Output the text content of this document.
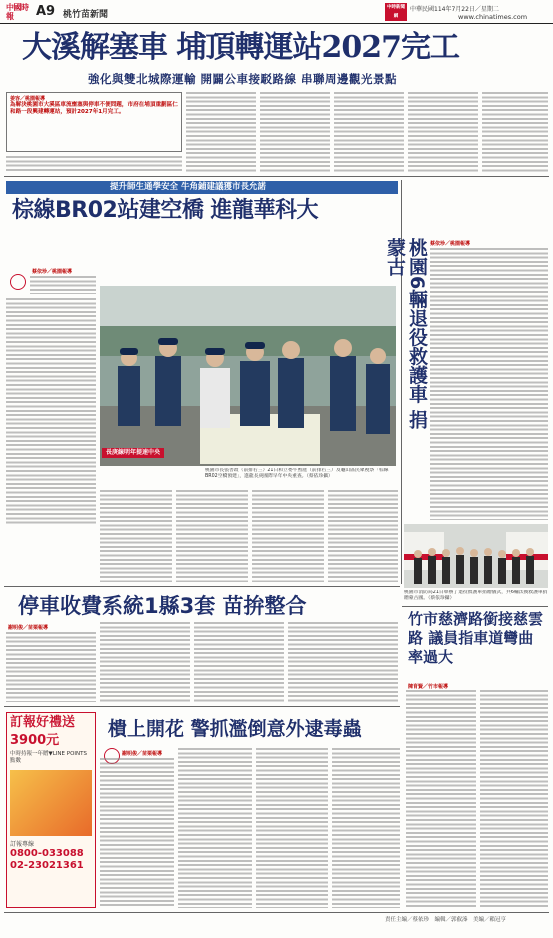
中國時報	A9 桃竹苗新聞
中時新聞網
中華民國114年7月22日／星期二
www.chinatimes.com
大溪解塞車 埔頂轉運站2027完工
強化與雙北城際運輸 開闢公車接駁路線 串聯周邊觀光景點
姜容／桃園報導
為解決桃園市大溪區車流壅塞與停車不便問題，市府在埔頂重劃區仁和路一段興建轉運站，預計2027年1月完工。
提升師生通學安全 牛角鋪建議獲市長允諾
棕線BR02站建空橋 進龍華科大
蔡依珍／桃園報導
長庚線明年提速中央
桃園市長張善政（前排右三）21日和立委牛煦庭（前排右三）及龜山區民眾視察「棕線BR02空橋預建」，進龍長庚國際早年中央重查。（蔡依珍攝）
桃園6輛退役救護車 捐蒙古	蔡依珍／桃園報導
桃園市消防局21日舉辦了退役救護車捐贈儀式，共6輛汰換救護車捐贈蒙古國。（蔡依珍攝）
停車收費系統1縣3套 苗拚整合
謝明俊／苗栗報導	竹市慈濟路銜接慈雲路 議員指車道彎曲率過大
陳育賢／竹市報導
訂報好禮送
3900元
中時持報一年贈▼LINE POINTS點數
訂報專線
0800-033088
02-23021361
樻上開花 警抓濫倒意外逮毒蟲
謝明俊／苗栗報導
責任主編／蔡依珍　編輯／郭叡溱　美編／賴冠亨
